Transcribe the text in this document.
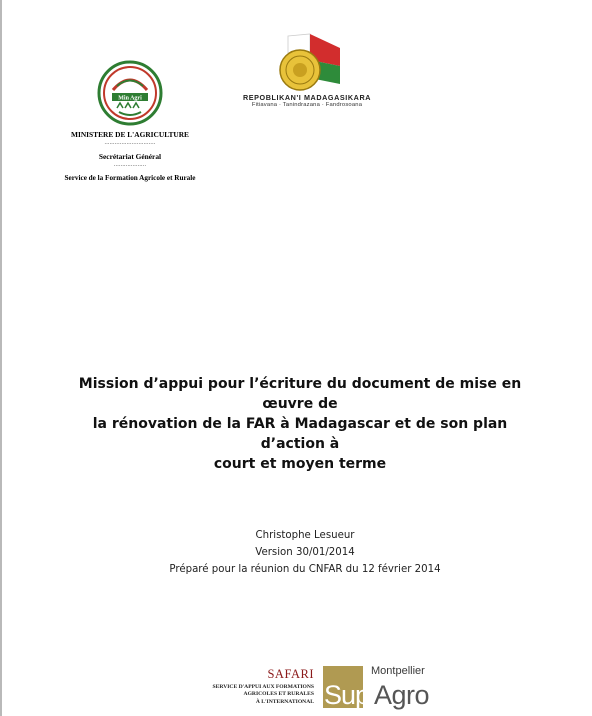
Min Agri
MINISTERE DE L'AGRICULTURE
..............................
Secrétariat Général
...................
Service de la Formation Agricole et Rurale
REPOBLIKAN'I MADAGASIKARA
Fitiavana · Tanindrazana · Fandrosoana
Mission d’appui pour l’écriture du document de mise en œuvre de
la rénovation de la FAR à Madagascar et de son plan d’action à
court et moyen terme
Christophe Lesueur
Version 30/01/2014
Préparé pour la réunion du CNFAR du 12 février 2014
SAFARI
SERVICE D'APPUI AUX FORMATIONS
AGRICOLES ET RURALES
À L'INTERNATIONAL
Montpellier
Sup Agro
